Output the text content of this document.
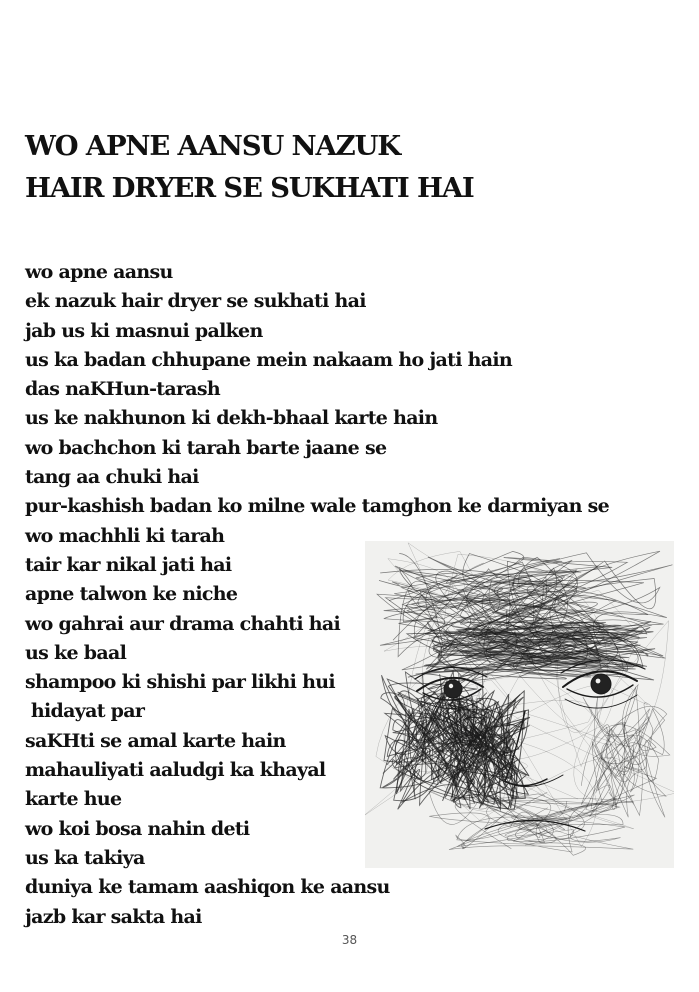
WO APNE AANSU NAZUK
HAIR DRYER SE SUKHATI HAI
wo apne aansu
ek nazuk hair dryer se sukhati hai
jab us ki masnui palken
us ka badan chhupane mein nakaam ho jati hain
das naKHun-tarash
us ke nakhunon ki dekh-bhaal karte hain
wo bachchon ki tarah barte jaane se
tang aa chuki hai
pur-kashish badan ko milne wale tamghon ke darmiyan se
wo machhli ki tarah
tair kar nikal jati hai
apne talwon ke niche
wo gahrai aur drama chahti hai
us ke baal
shampoo ki shishi par likhi hui
hidayat par
saKHti se amal karte hain
mahauliyati aaludgi ka khayal
karte hue
wo koi bosa nahin deti
us ka takiya
duniya ke tamam aashiqon ke aansu
jazb kar sakta hai
38
